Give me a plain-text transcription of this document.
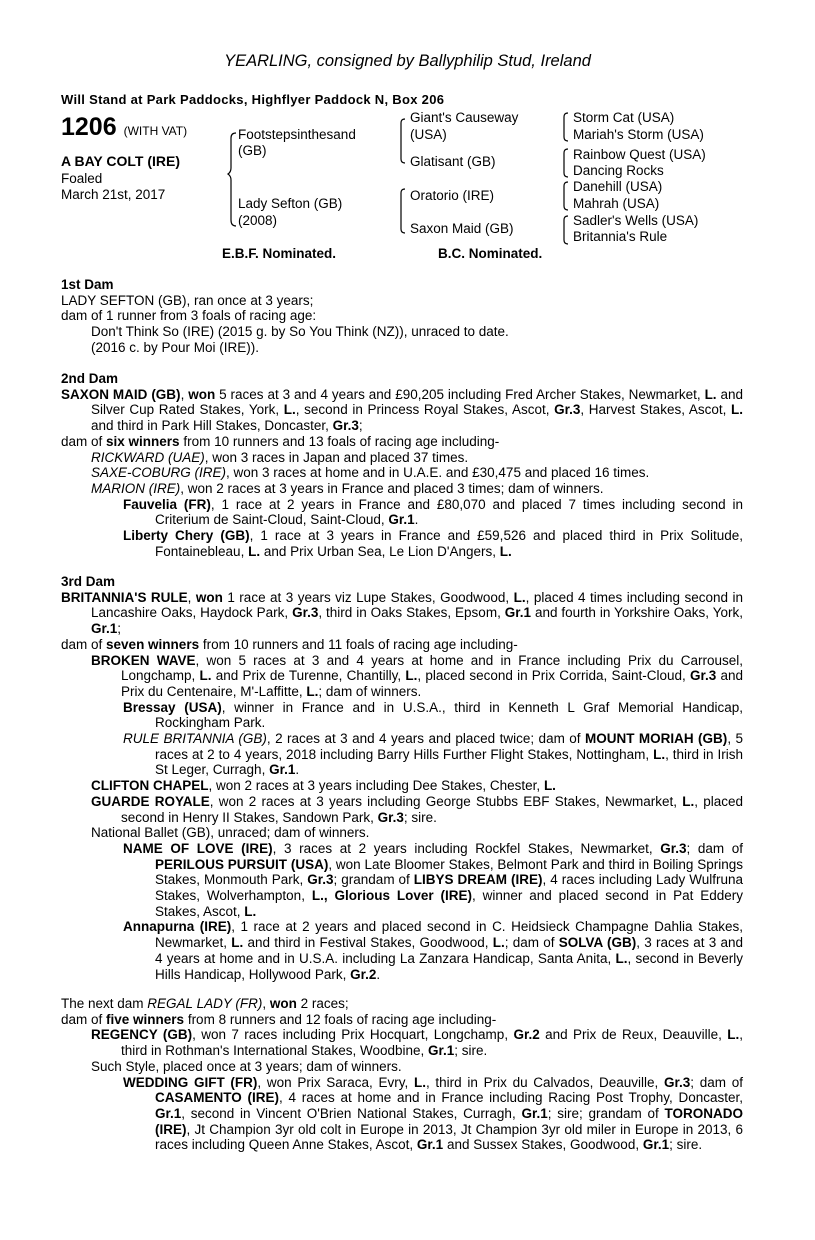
YEARLING, consigned by Ballyphilip Stud, Ireland
Will Stand at Park Paddocks, Highflyer Paddock N, Box 206
1206 (WITH VAT)
A BAY COLT (IRE)
Foaled
March 21st, 2017
Footstepsinthesand
(GB)
Lady Sefton (GB)
(2008)
Giant's Causeway
(USA)
Glatisant (GB)
Oratorio (IRE)
Saxon Maid (GB)
Storm Cat (USA)
Mariah's Storm (USA)
Rainbow Quest (USA)
Dancing Rocks
Danehill (USA)
Mahrah (USA)
Sadler's Wells (USA)
Britannia's Rule
E.B.F. Nominated.	B.C. Nominated.

1st Dam

LADY SEFTON (GB), ran once at 3 years;

dam of 1 runner from 3 foals of racing age:

Don't Think So (IRE) (2015 g. by So You Think (NZ)), unraced to date.

(2016 c. by Pour Moi (IRE)).

2nd Dam

SAXON MAID (GB), won 5 races at 3 and 4 years and £90,205 including Fred Archer Stakes, Newmarket, L. and Silver Cup Rated Stakes, York, L., second in Princess Royal Stakes, Ascot, Gr.3, Harvest Stakes, Ascot, L. and third in Park Hill Stakes, Doncaster, Gr.3;

dam of six winners from 10 runners and 13 foals of racing age including-

RICKWARD (UAE), won 3 races in Japan and placed 37 times.

SAXE-COBURG (IRE), won 3 races at home and in U.A.E. and £30,475 and placed 16 times.

MARION (IRE), won 2 races at 3 years in France and placed 3 times; dam of winners.

Fauvelia (FR), 1 race at 2 years in France and £80,070 and placed 7 times including second in Criterium de Saint-Cloud, Saint-Cloud, Gr.1.

Liberty Chery (GB), 1 race at 3 years in France and £59,526 and placed third in Prix Solitude, Fontainebleau, L. and Prix Urban Sea, Le Lion D'Angers, L.

3rd Dam

BRITANNIA'S RULE, won 1 race at 3 years viz Lupe Stakes, Goodwood, L., placed 4 times including second in Lancashire Oaks, Haydock Park, Gr.3, third in Oaks Stakes, Epsom, Gr.1 and fourth in Yorkshire Oaks, York, Gr.1;

dam of seven winners from 10 runners and 11 foals of racing age including-

BROKEN WAVE, won 5 races at 3 and 4 years at home and in France including Prix du Carrousel, Longchamp, L. and Prix de Turenne, Chantilly, L., placed second in Prix Corrida, Saint-Cloud, Gr.3 and Prix du Centenaire, M'-Laffitte, L.; dam of winners.

Bressay (USA), winner in France and in U.S.A., third in Kenneth L Graf Memorial Handicap, Rockingham Park.

RULE BRITANNIA (GB), 2 races at 3 and 4 years and placed twice; dam of MOUNT MORIAH (GB), 5 races at 2 to 4 years, 2018 including Barry Hills Further Flight Stakes, Nottingham, L., third in Irish St Leger, Curragh, Gr.1.

CLIFTON CHAPEL, won 2 races at 3 years including Dee Stakes, Chester, L.

GUARDE ROYALE, won 2 races at 3 years including George Stubbs EBF Stakes, Newmarket, L., placed second in Henry II Stakes, Sandown Park, Gr.3; sire.

National Ballet (GB), unraced; dam of winners.

NAME OF LOVE (IRE), 3 races at 2 years including Rockfel Stakes, Newmarket, Gr.3; dam of PERILOUS PURSUIT (USA), won Late Bloomer Stakes, Belmont Park and third in Boiling Springs Stakes, Monmouth Park, Gr.3; grandam of LIBYS DREAM (IRE), 4 races including Lady Wulfruna Stakes, Wolverhampton, L., Glorious Lover (IRE), winner and placed second in Pat Eddery Stakes, Ascot, L.

Annapurna (IRE), 1 race at 2 years and placed second in C. Heidsieck Champagne Dahlia Stakes, Newmarket, L. and third in Festival Stakes, Goodwood, L.; dam of SOLVA (GB), 3 races at 3 and 4 years at home and in U.S.A. including La Zanzara Handicap, Santa Anita, L., second in Beverly Hills Handicap, Hollywood Park, Gr.2.

The next dam REGAL LADY (FR), won 2 races;

dam of five winners from 8 runners and 12 foals of racing age including-

REGENCY (GB), won 7 races including Prix Hocquart, Longchamp, Gr.2 and Prix de Reux, Deauville, L., third in Rothman's International Stakes, Woodbine, Gr.1; sire.

Such Style, placed once at 3 years; dam of winners.

WEDDING GIFT (FR), won Prix Saraca, Evry, L., third in Prix du Calvados, Deauville, Gr.3; dam of CASAMENTO (IRE), 4 races at home and in France including Racing Post Trophy, Doncaster, Gr.1, second in Vincent O'Brien National Stakes, Curragh, Gr.1; sire; grandam of TORONADO (IRE), Jt Champion 3yr old colt in Europe in 2013, Jt Champion 3yr old miler in Europe in 2013, 6 races including Queen Anne Stakes, Ascot, Gr.1 and Sussex Stakes, Goodwood, Gr.1; sire.
